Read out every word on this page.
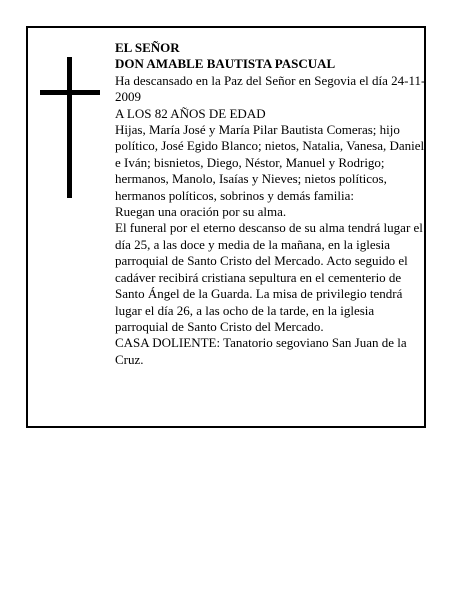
EL SEÑOR

DON AMABLE BAUTISTA PASCUAL

Ha descansado en la Paz del Señor en Segovia el día 24-11-2009

A LOS 82 AÑOS DE EDAD

Hijas, María José y María Pilar Bautista Comeras; hijo político, José Egido Blanco; nietos, Natalia, Vanesa, Daniel e Iván; bisnietos, Diego, Néstor, Manuel y Rodrigo; hermanos, Manolo, Isaías y Nieves; nietos políticos, hermanos políticos, sobrinos y demás familia:

Ruegan una oración por su alma.

El funeral por el eterno descanso de su alma tendrá lugar el día 25, a las doce y media de la mañana, en la iglesia parroquial de Santo Cristo del Mercado. Acto seguido el cadáver recibirá cristiana sepultura en el cementerio de Santo Ángel de la Guarda. La misa de privilegio tendrá lugar el día 26, a las ocho de la tarde, en la iglesia parroquial de Santo Cristo del Mercado.

CASA DOLIENTE: Tanatorio segoviano San Juan de la Cruz.
